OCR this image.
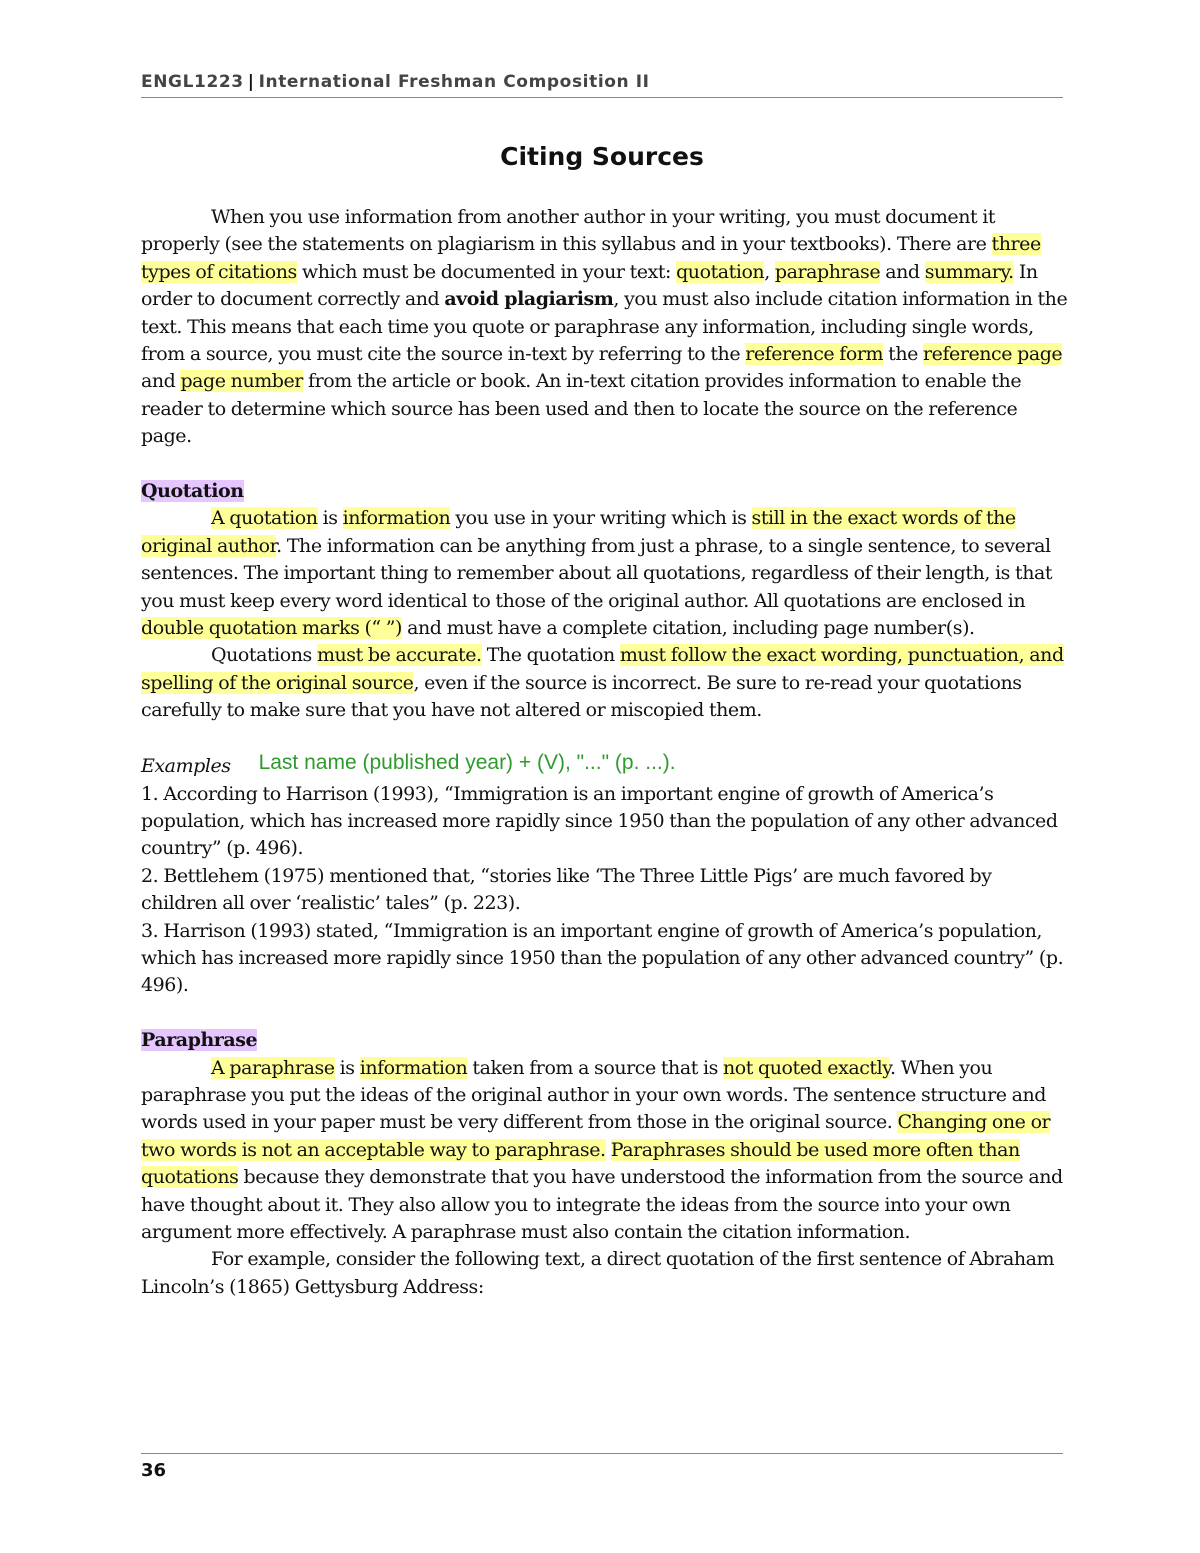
ENGL1223 | International Freshman Composition II
Citing Sources

When you use information from another author in your writing, you must document it properly (see the statements on plagiarism in this syllabus and in your textbooks). There are three types of citations which must be documented in your text: quotation, paraphrase and summary. In order to document correctly and avoid plagiarism, you must also include citation information in the text. This means that each time you quote or paraphrase any information, including single words, from a source, you must cite the source in-text by referring to the reference form the reference page and page number from the article or book. An in-text citation provides information to enable the reader to determine which source has been used and then to locate the source on the reference page.

Quotation

A quotation is information you use in your writing which is still in the exact words of the original author. The information can be anything from just a phrase, to a single sentence, to several sentences. The important thing to remember about all quotations, regardless of their length, is that you must keep every word identical to those of the original author. All quotations are enclosed in double quotation marks (“ ”) and must have a complete citation, including page number(s).

Quotations must be accurate. The quotation must follow the exact wording, punctuation, and spelling of the original source, even if the source is incorrect. Be sure to re-read your quotations carefully to make sure that you have not altered or miscopied them.

Examples Last name (published year) + (V), "..." (p. ...).

1. According to Harrison (1993), “Immigration is an important engine of growth of America’s population, which has increased more rapidly since 1950 than the population of any other advanced country” (p. 496).

2. Bettlehem (1975) mentioned that, “stories like ‘The Three Little Pigs’ are much favored by children all over ‘realistic’ tales” (p. 223).

3. Harrison (1993) stated, “Immigration is an important engine of growth of America’s population, which has increased more rapidly since 1950 than the population of any other advanced country” (p. 496).

Paraphrase

A paraphrase is information taken from a source that is not quoted exactly. When you paraphrase you put the ideas of the original author in your own words. The sentence structure and words used in your paper must be very different from those in the original source. Changing one or two words is not an acceptable way to paraphrase. Paraphrases should be used more often than quotations because they demonstrate that you have understood the information from the source and have thought about it. They also allow you to integrate the ideas from the source into your own argument more effectively. A paraphrase must also contain the citation information.

For example, consider the following text, a direct quotation of the first sentence of Abraham Lincoln’s (1865) Gettysburg Address:

36
